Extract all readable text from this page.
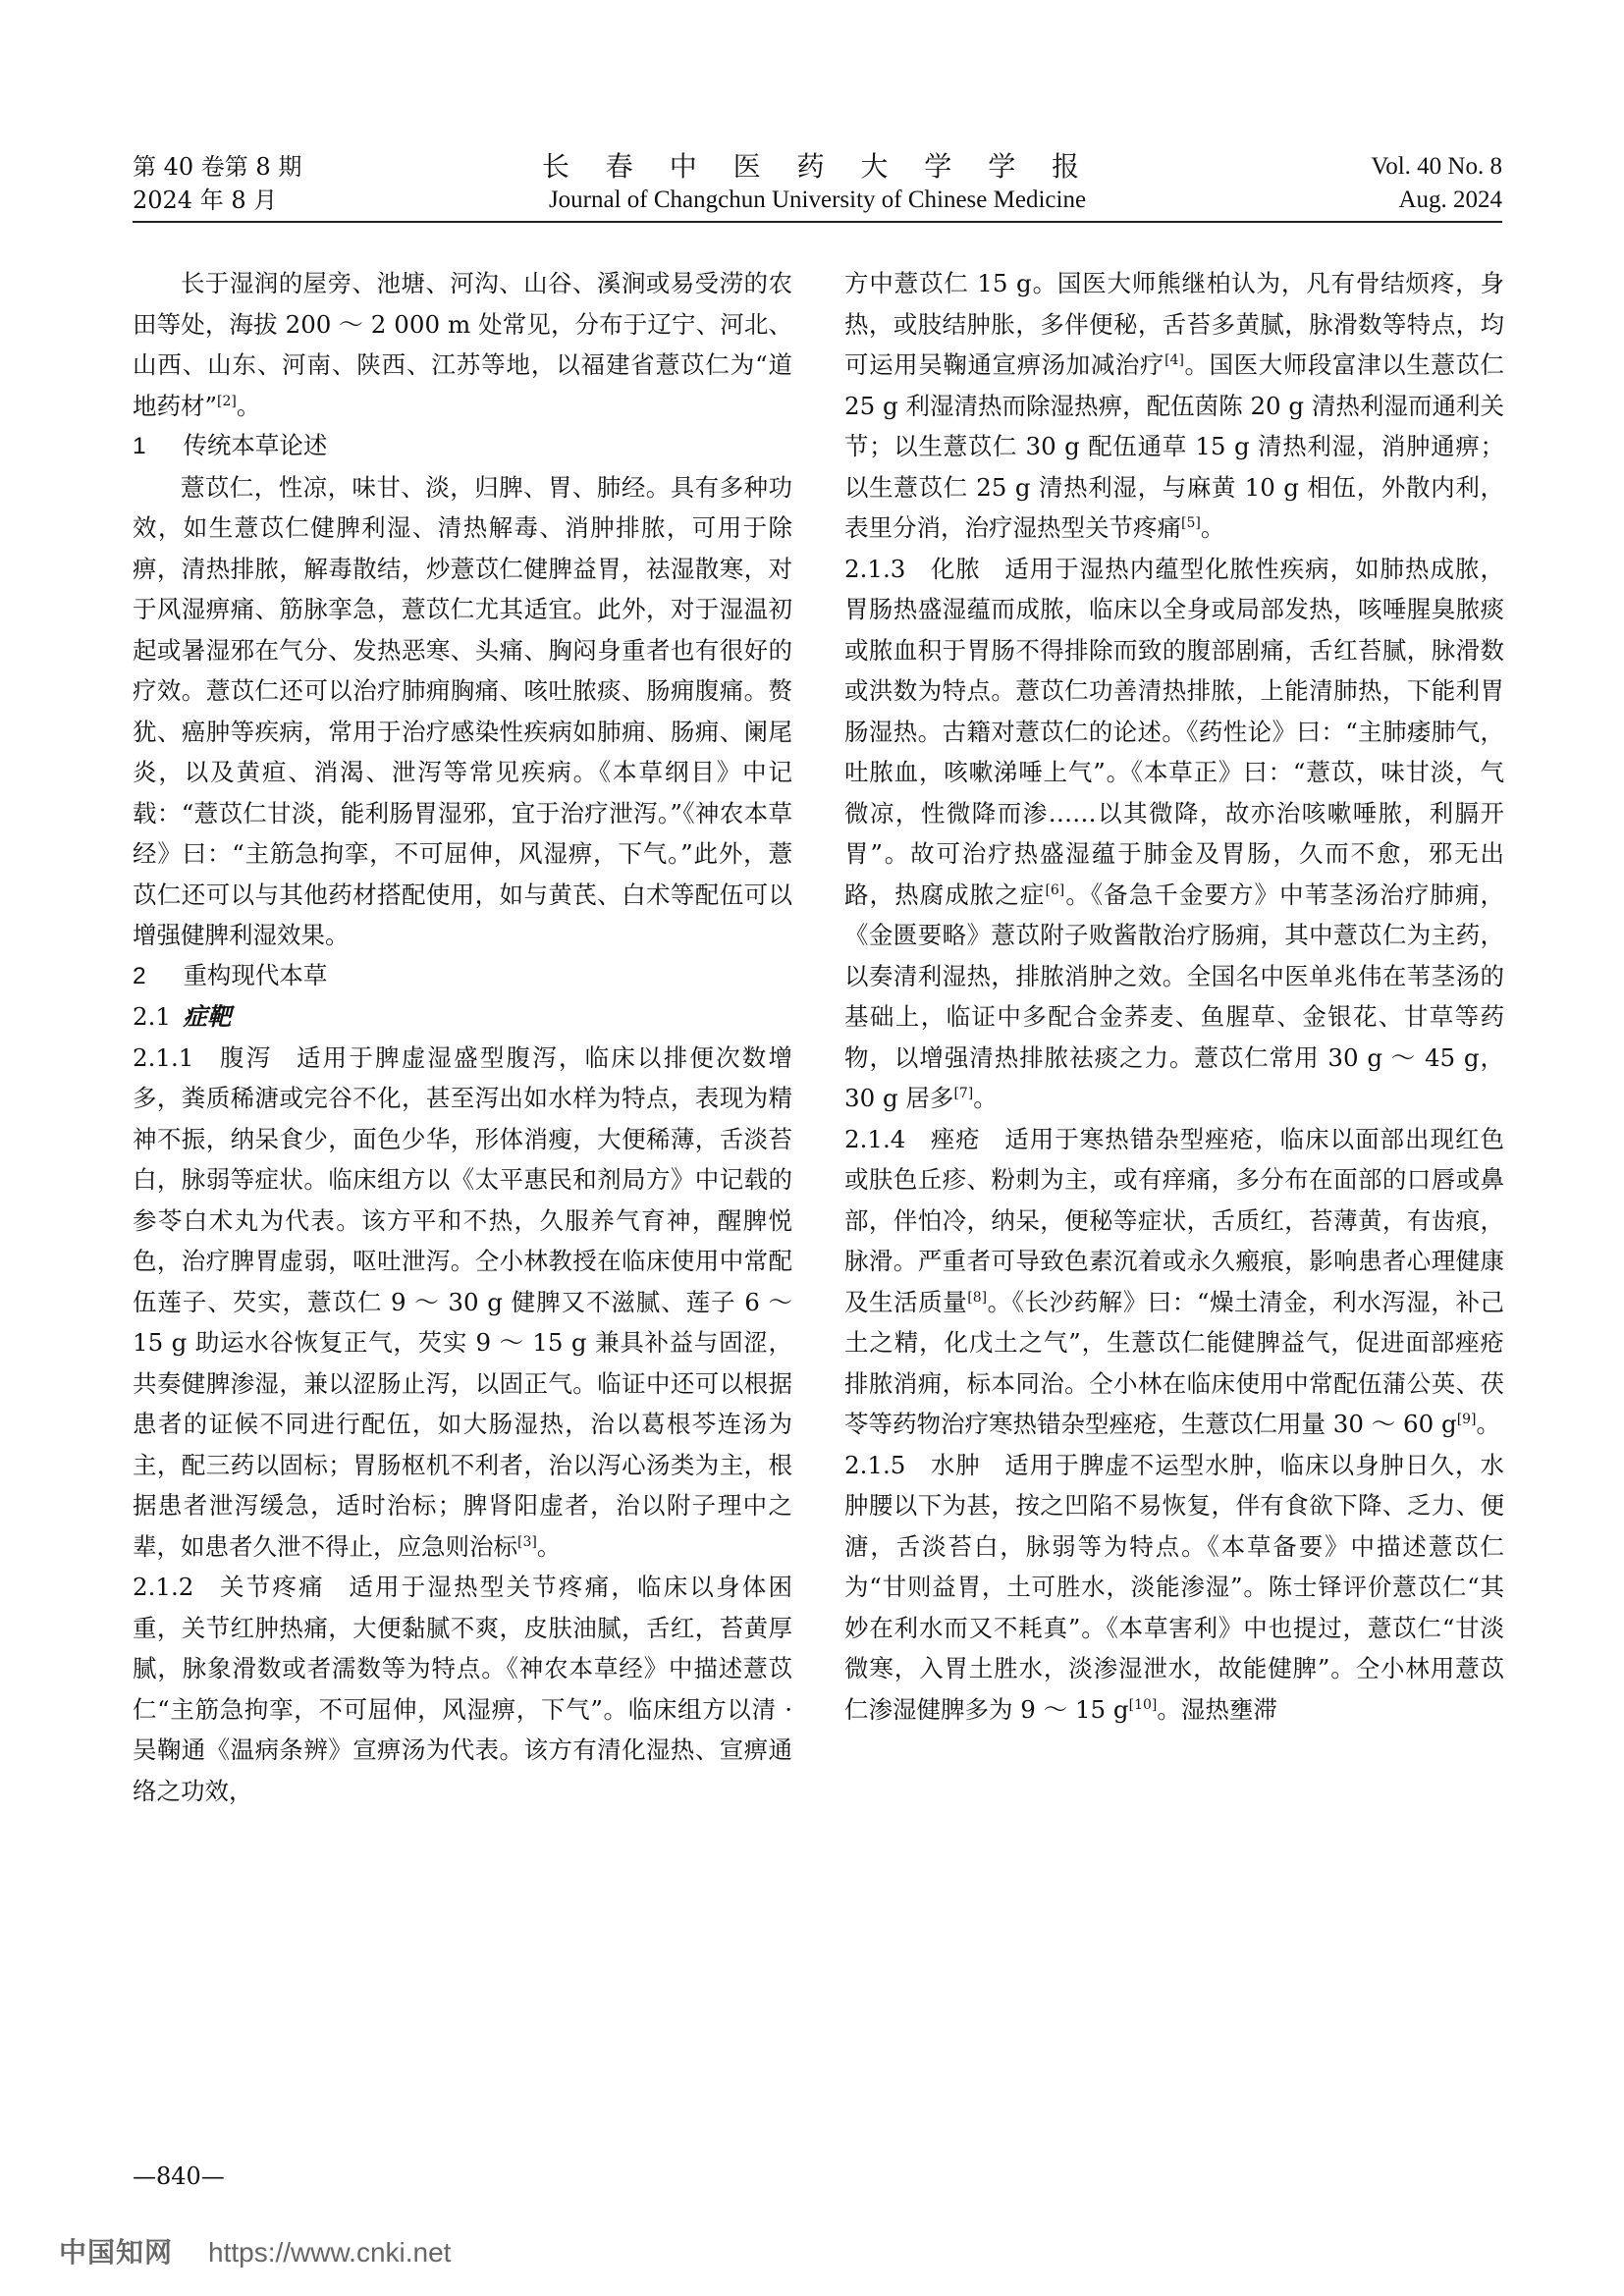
第 40 卷第 8 期
2024 年 8 月
长 春 中 医 药 大 学 学 报
Journal of Changchun University of Chinese Medicine
Vol. 40 No. 8
Aug. 2024

长于湿润的屋旁、池塘、河沟、山谷、溪涧或易受涝的农田等处，海拔 200 ～ 2 000 m 处常见，分布于辽宁、河北、山西、山东、河南、陕西、江苏等地，以福建省薏苡仁为“道地药材”[2]。

1 传统本草论述

薏苡仁，性凉，味甘、淡，归脾、胃、肺经。具有多种功效，如生薏苡仁健脾利湿、清热解毒、消肿排脓，可用于除痹，清热排脓，解毒散结，炒薏苡仁健脾益胃，祛湿散寒，对于风湿痹痛、筋脉挛急，薏苡仁尤其适宜。此外，对于湿温初起或暑湿邪在气分、发热恶寒、头痛、胸闷身重者也有很好的疗效。薏苡仁还可以治疗肺痈胸痛、咳吐脓痰、肠痈腹痛。赘犹、癌肿等疾病，常用于治疗感染性疾病如肺痈、肠痈、阑尾炎，以及黄疸、消渴、泄泻等常见疾病。《本草纲目》中记载：“薏苡仁甘淡，能利肠胃湿邪，宜于治疗泄泻。”《神农本草经》曰：“主筋急拘挛，不可屈伸，风湿痹，下气。”此外，薏苡仁还可以与其他药材搭配使用，如与黄芪、白术等配伍可以增强健脾利湿效果。

2 重构现代本草

2.1 症靶

2.1.1 腹泻 适用于脾虚湿盛型腹泻，临床以排便次数增多，粪质稀溏或完谷不化，甚至泻出如水样为特点，表现为精神不振，纳呆食少，面色少华，形体消瘦，大便稀薄，舌淡苔白，脉弱等症状。临床组方以《太平惠民和剂局方》中记载的参苓白术丸为代表。该方平和不热，久服养气育神，醒脾悦色，治疗脾胃虚弱，呕吐泄泻。仝小林教授在临床使用中常配伍莲子、芡实，薏苡仁 9 ～ 30 g 健脾又不滋腻、莲子 6 ～ 15 g 助运水谷恢复正气，芡实 9 ～ 15 g 兼具补益与固涩，共奏健脾渗湿，兼以涩肠止泻，以固正气。临证中还可以根据患者的证候不同进行配伍，如大肠湿热，治以葛根芩连汤为主，配三药以固标；胃肠枢机不利者，治以泻心汤类为主，根据患者泄泻缓急，适时治标；脾肾阳虚者，治以附子理中之辈，如患者久泄不得止，应急则治标[3]。

2.1.2 关节疼痛 适用于湿热型关节疼痛，临床以身体困重，关节红肿热痛，大便黏腻不爽，皮肤油腻，舌红，苔黄厚腻，脉象滑数或者濡数等为特点。《神农本草经》中描述薏苡仁“主筋急拘挛，不可屈伸，风湿痹，下气”。临床组方以清 · 吴鞠通《温病条辨》宣痹汤为代表。该方有清化湿热、宣痹通络之功效，

方中薏苡仁 15 g。国医大师熊继柏认为，凡有骨结烦疼，身热，或肢结肿胀，多伴便秘，舌苔多黄腻，脉滑数等特点，均可运用吴鞠通宣痹汤加减治疗[4]。国医大师段富津以生薏苡仁 25 g 利湿清热而除湿热痹，配伍茵陈 20 g 清热利湿而通利关节；以生薏苡仁 30 g 配伍通草 15 g 清热利湿，消肿通痹；以生薏苡仁 25 g 清热利湿，与麻黄 10 g 相伍，外散内利，表里分消，治疗湿热型关节疼痛[5]。

2.1.3 化脓 适用于湿热内蕴型化脓性疾病，如肺热成脓，胃肠热盛湿蕴而成脓，临床以全身或局部发热，咳唾腥臭脓痰或脓血积于胃肠不得排除而致的腹部剧痛，舌红苔腻，脉滑数或洪数为特点。薏苡仁功善清热排脓，上能清肺热，下能利胃肠湿热。古籍对薏苡仁的论述。《药性论》曰：“主肺痿肺气，吐脓血，咳嗽涕唾上气”。《本草正》曰：“薏苡，味甘淡，气微凉，性微降而渗……以其微降，故亦治咳嗽唾脓，利膈开胃”。故可治疗热盛湿蕴于肺金及胃肠，久而不愈，邪无出路，热腐成脓之症[6]。《备急千金要方》中苇茎汤治疗肺痈，《金匮要略》薏苡附子败酱散治疗肠痈，其中薏苡仁为主药，以奏清利湿热，排脓消肿之效。全国名中医单兆伟在苇茎汤的基础上，临证中多配合金荞麦、鱼腥草、金银花、甘草等药物，以增强清热排脓祛痰之力。薏苡仁常用 30 g ～ 45 g，30 g 居多[7]。

2.1.4 痤疮 适用于寒热错杂型痤疮，临床以面部出现红色或肤色丘疹、粉刺为主，或有痒痛，多分布在面部的口唇或鼻部，伴怕冷，纳呆，便秘等症状，舌质红，苔薄黄，有齿痕，脉滑。严重者可导致色素沉着或永久瘢痕，影响患者心理健康及生活质量[8]。《长沙药解》曰：“燥土清金，利水泻湿，补己土之精，化戊土之气”，生薏苡仁能健脾益气，促进面部痤疮排脓消痈，标本同治。仝小林在临床使用中常配伍蒲公英、茯苓等药物治疗寒热错杂型痤疮，生薏苡仁用量 30 ～ 60 g[9]。

2.1.5 水肿 适用于脾虚不运型水肿，临床以身肿日久，水肿腰以下为甚，按之凹陷不易恢复，伴有食欲下降、乏力、便溏，舌淡苔白，脉弱等为特点。《本草备要》中描述薏苡仁为“甘则益胃，土可胜水，淡能渗湿”。陈士铎评价薏苡仁“其妙在利水而又不耗真”。《本草害利》中也提过，薏苡仁“甘淡微寒，入胃土胜水，淡渗湿泄水，故能健脾”。仝小林用薏苡仁渗湿健脾多为 9 ～ 15 g[10]。湿热壅滞

—840—
中国知网 https://www.cnki.net
